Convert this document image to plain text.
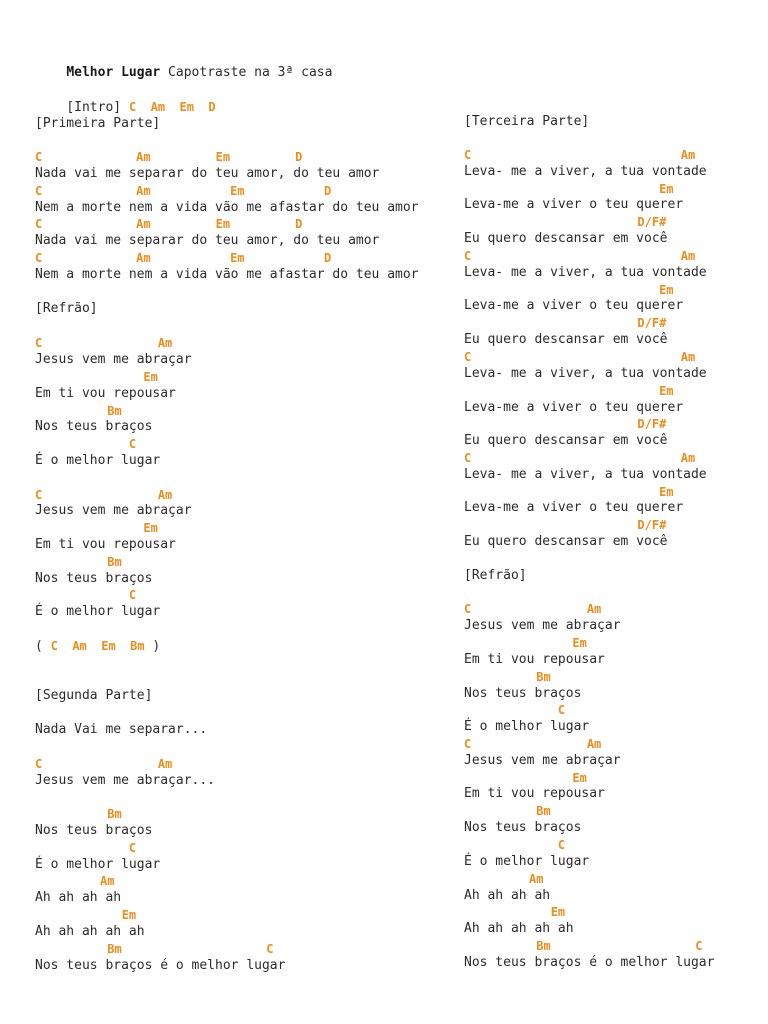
Melhor Lugar Capotraste na 3ª casa

[Intro] C  Am  Em  D

[Primeira Parte]
C             Am         Em         D
Nada vai me separar do teu amor, do teu amor
C             Am           Em           D
Nem a morte nem a vida vão me afastar do teu amor
C             Am         Em         D
Nada vai me separar do teu amor, do teu amor
C             Am           Em           D
Nem a morte nem a vida vão me afastar do teu amor
[Refrão]
C                Am
Jesus vem me abraçar
Em
Em ti vou repousar
Bm
Nos teus braços
C
É o melhor lugar
C                Am
Jesus vem me abraçar
Em
Em ti vou repousar
Bm
Nos teus braços
C
É o melhor lugar
( C  Am  Em  Bm )
[Segunda Parte]
Nada Vai me separar...
C                Am
Jesus vem me abraçar...
Bm
Nos teus braços
C
É o melhor lugar
Am
Ah ah ah ah
Em
Ah ah ah ah ah
Bm                    C
Nos teus braços é o melhor lugar
[Terceira Parte]
C                             Am
Leva- me a viver, a tua vontade
Em
Leva-me a viver o teu querer
D/F#
Eu quero descansar em você
C                             Am
Leva- me a viver, a tua vontade
Em
Leva-me a viver o teu querer
D/F#
Eu quero descansar em você
C                             Am
Leva- me a viver, a tua vontade
Em
Leva-me a viver o teu querer
D/F#
Eu quero descansar em você
C                             Am
Leva- me a viver, a tua vontade
Em
Leva-me a viver o teu querer
D/F#
Eu quero descansar em você
[Refrão]
C                Am
Jesus vem me abraçar
Em
Em ti vou repousar
Bm
Nos teus braços
C
É o melhor lugar
C                Am
Jesus vem me abraçar
Em
Em ti vou repousar
Bm
Nos teus braços
C
É o melhor lugar
Am
Ah ah ah ah
Em
Ah ah ah ah ah
Bm                    C
Nos teus braços é o melhor lugar
